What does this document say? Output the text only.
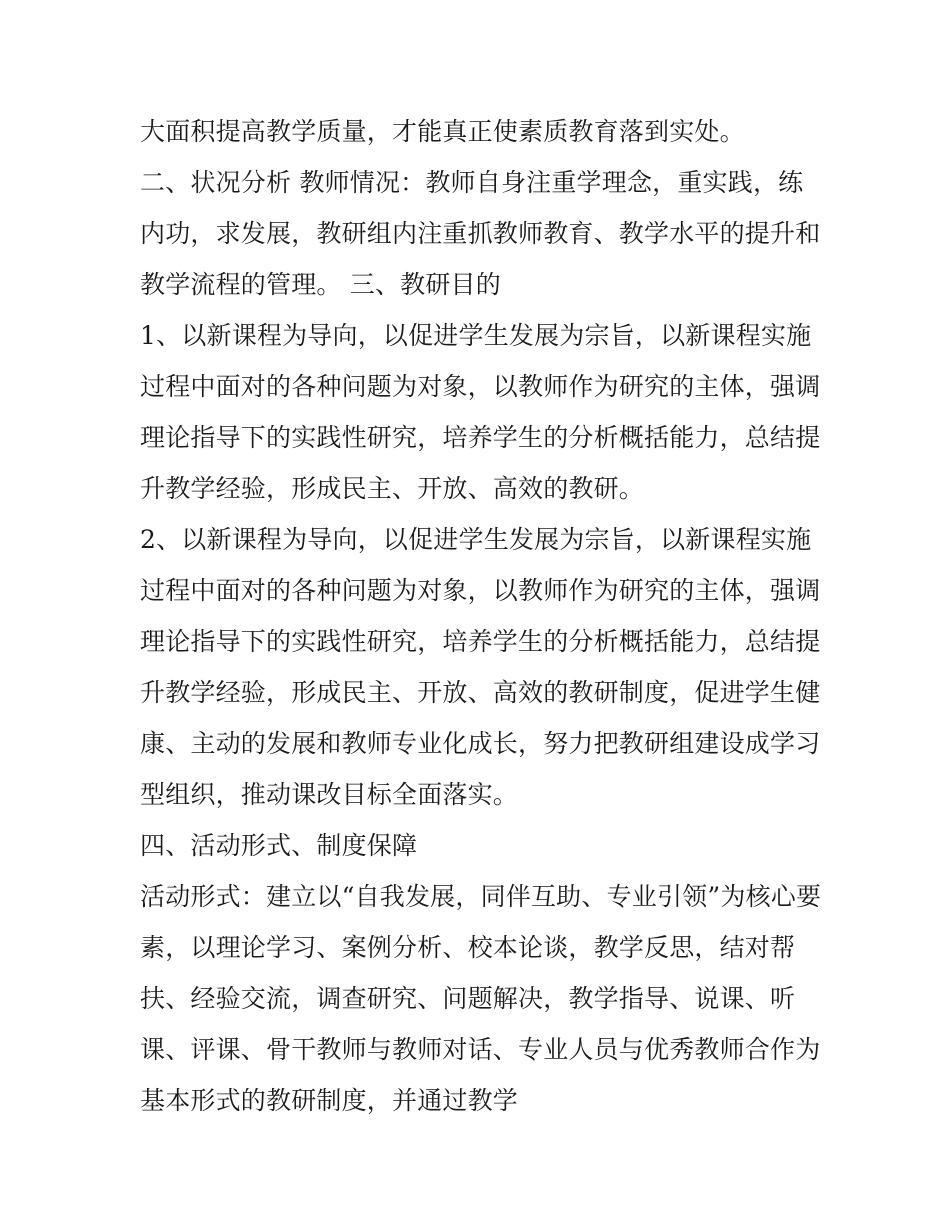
大面积提高教学质量，才能真正使素质教育落到实处。
二、状况分析 教师情况：教师自身注重学理念，重实践，练
内功，求发展，教研组内注重抓教师教育、教学水平的提升和
教学流程的管理。 三、教研目的
1、以新课程为导向，以促进学生发展为宗旨，以新课程实施
过程中面对的各种问题为对象，以教师作为研究的主体，强调
理论指导下的实践性研究，培养学生的分析概括能力，总结提
升教学经验，形成民主、开放、高效的教研。
2、以新课程为导向，以促进学生发展为宗旨，以新课程实施
过程中面对的各种问题为对象，以教师作为研究的主体，强调
理论指导下的实践性研究，培养学生的分析概括能力，总结提
升教学经验，形成民主、开放、高效的教研制度，促进学生健
康、主动的发展和教师专业化成长，努力把教研组建设成学习
型组织，推动课改目标全面落实。
四、活动形式、制度保障
活动形式：建立以“自我发展，同伴互助、专业引领”为核心要
素，以理论学习、案例分析、校本论谈，教学反思，结对帮
扶、经验交流，调查研究、问题解决，教学指导、说课、听
课、评课、骨干教师与教师对话、专业人员与优秀教师合作为
基本形式的教研制度，并通过教学
